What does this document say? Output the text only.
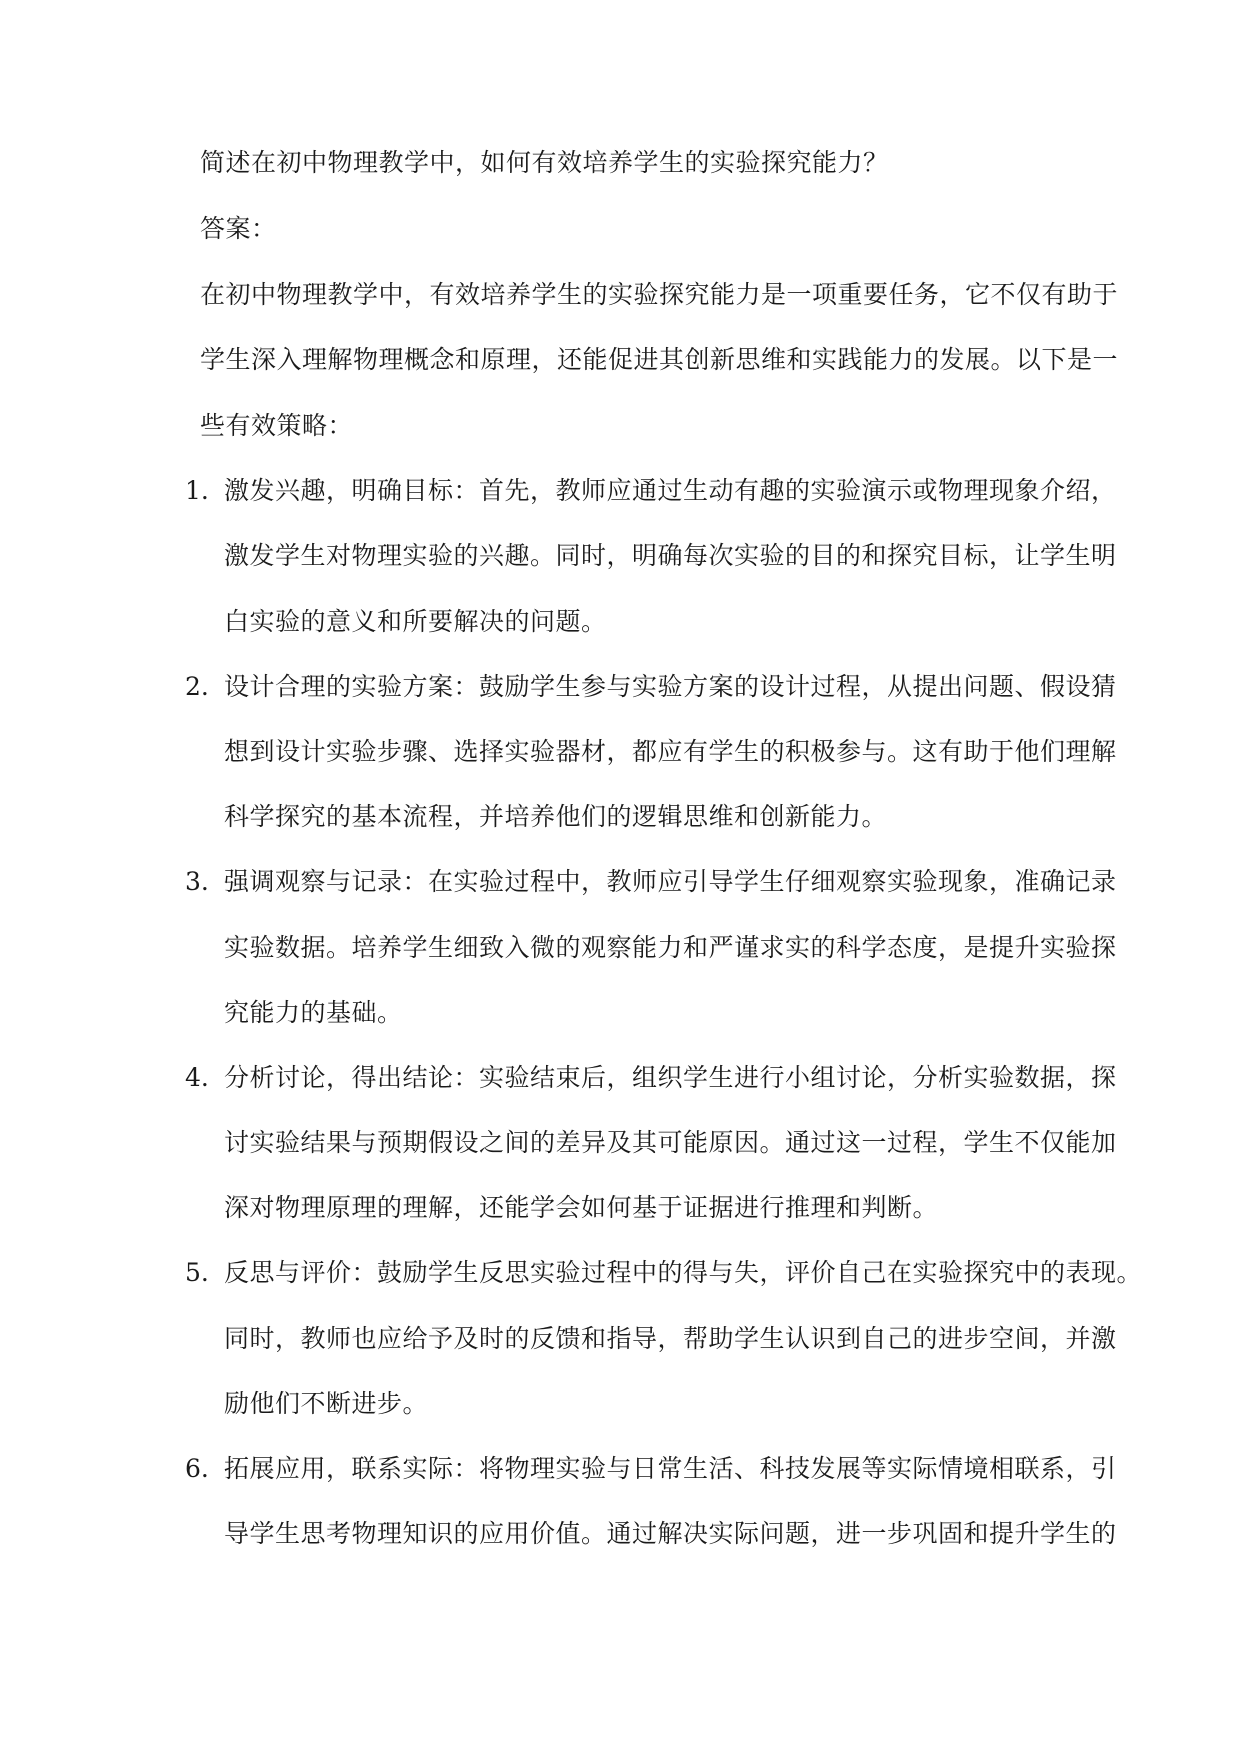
简述在初中物理教学中，如何有效培养学生的实验探究能力？
答案：
在初中物理教学中，有效培养学生的实验探究能力是一项重要任务，它不仅有助于
学生深入理解物理概念和原理，还能促进其创新思维和实践能力的发展。以下是一
些有效策略：
1. 激发兴趣，明确目标：首先，教师应通过生动有趣的实验演示或物理现象介绍，
激发学生对物理实验的兴趣。同时，明确每次实验的目的和探究目标，让学生明
白实验的意义和所要解决的问题。
2. 设计合理的实验方案：鼓励学生参与实验方案的设计过程，从提出问题、假设猜
想到设计实验步骤、选择实验器材，都应有学生的积极参与。这有助于他们理解
科学探究的基本流程，并培养他们的逻辑思维和创新能力。
3. 强调观察与记录：在实验过程中，教师应引导学生仔细观察实验现象，准确记录
实验数据。培养学生细致入微的观察能力和严谨求实的科学态度，是提升实验探
究能力的基础。
4. 分析讨论，得出结论：实验结束后，组织学生进行小组讨论，分析实验数据，探
讨实验结果与预期假设之间的差异及其可能原因。通过这一过程，学生不仅能加
深对物理原理的理解，还能学会如何基于证据进行推理和判断。
5. 反思与评价：鼓励学生反思实验过程中的得与失，评价自己在实验探究中的表现。
同时，教师也应给予及时的反馈和指导，帮助学生认识到自己的进步空间，并激
励他们不断进步。
6. 拓展应用，联系实际：将物理实验与日常生活、科技发展等实际情境相联系，引
导学生思考物理知识的应用价值。通过解决实际问题，进一步巩固和提升学生的
